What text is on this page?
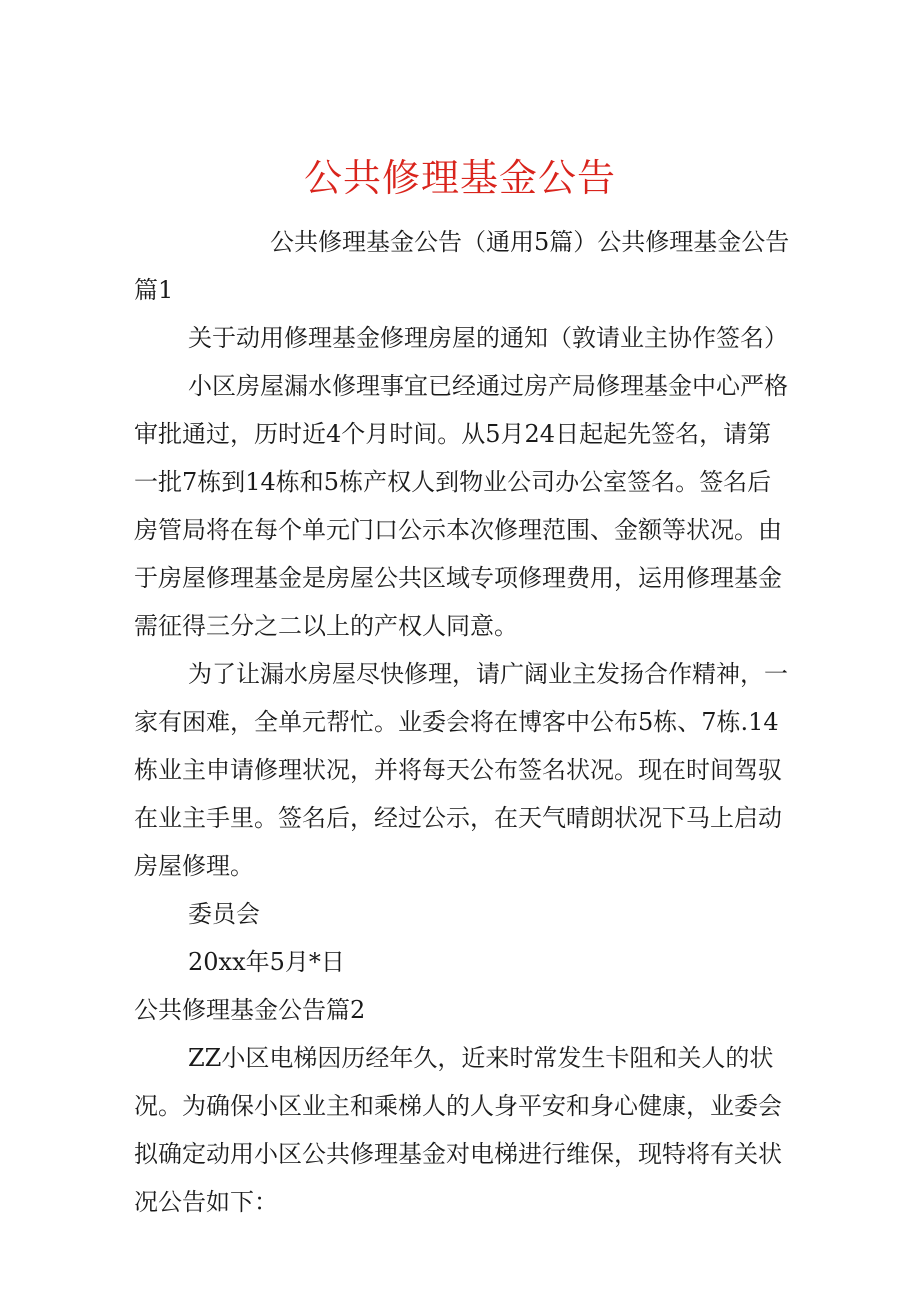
公共修理基金公告

公共修理基金公告（通用5篇）公共修理基金公告篇1

关于动用修理基金修理房屋的通知（敦请业主协作签名）

小区房屋漏水修理事宜已经通过房产局修理基金中心严格审批通过，历时近4个月时间。从5月24日起起先签名，请第一批7栋到14栋和5栋产权人到物业公司办公室签名。签名后房管局将在每个单元门口公示本次修理范围、金额等状况。由于房屋修理基金是房屋公共区域专项修理费用，运用修理基金需征得三分之二以上的产权人同意。

为了让漏水房屋尽快修理，请广阔业主发扬合作精神，一家有困难，全单元帮忙。业委会将在博客中公布5栋、7栋.14栋业主申请修理状况，并将每天公布签名状况。现在时间驾驭在业主手里。签名后，经过公示，在天气晴朗状况下马上启动房屋修理。

委员会

20xx年5月*日

公共修理基金公告篇2

ZZ小区电梯因历经年久，近来时常发生卡阻和关人的状况。为确保小区业主和乘梯人的人身平安和身心健康，业委会拟确定动用小区公共修理基金对电梯进行维保，现特将有关状况公告如下：
